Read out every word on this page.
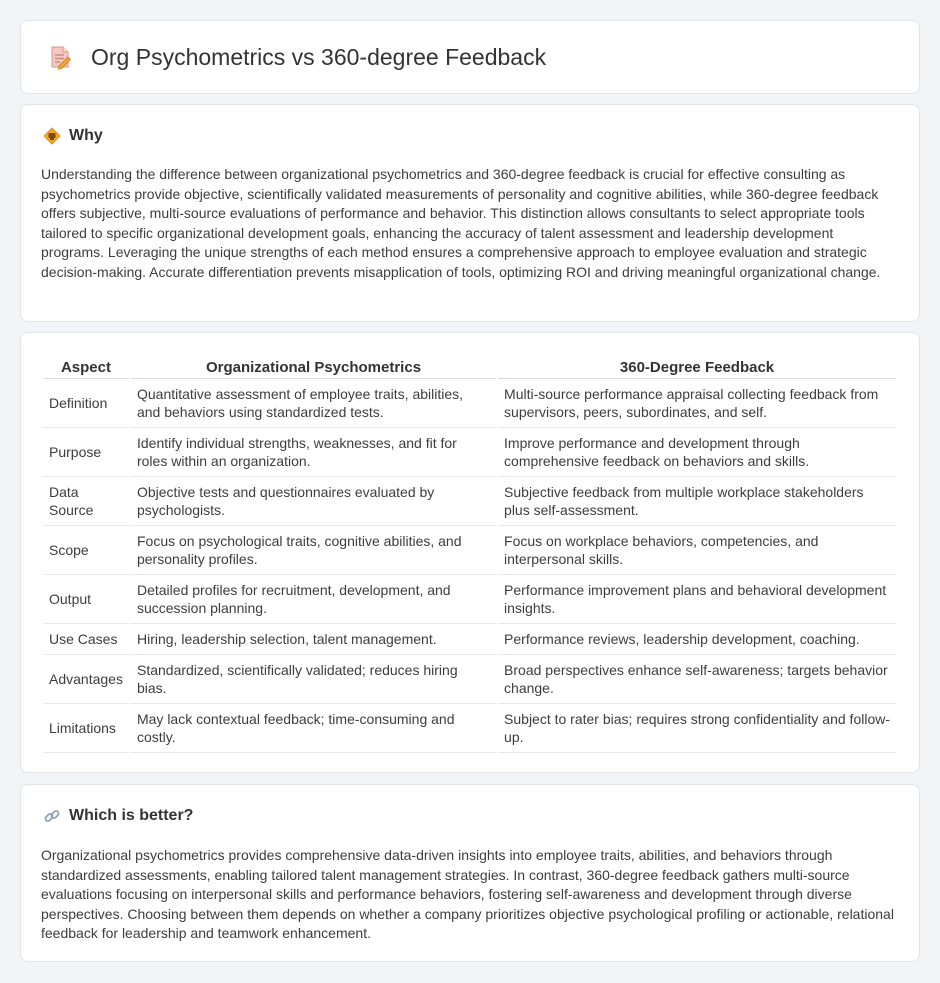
Org Psychometrics vs 360-degree Feedback
Why

Understanding the difference between organizational psychometrics and 360-degree feedback is crucial for effective consulting as psychometrics provide objective, scientifically validated measurements of personality and cognitive abilities, while 360-degree feedback offers subjective, multi-source evaluations of performance and behavior. This distinction allows consultants to select appropriate tools tailored to specific organizational development goals, enhancing the accuracy of talent assessment and leadership development programs. Leveraging the unique strengths of each method ensures a comprehensive approach to employee evaluation and strategic decision-making. Accurate differentiation prevents misapplication of tools, optimizing ROI and driving meaningful organizational change.

Aspect	Organizational Psychometrics	360-Degree Feedback
Definition	Quantitative assessment of employee traits, abilities, and behaviors using standardized tests.	Multi-source performance appraisal collecting feedback from supervisors, peers, subordinates, and self.
Purpose	Identify individual strengths, weaknesses, and fit for roles within an organization.	Improve performance and development through comprehensive feedback on behaviors and skills.
Data Source	Objective tests and questionnaires evaluated by psychologists.	Subjective feedback from multiple workplace stakeholders plus self-assessment.
Scope	Focus on psychological traits, cognitive abilities, and personality profiles.	Focus on workplace behaviors, competencies, and interpersonal skills.
Output	Detailed profiles for recruitment, development, and succession planning.	Performance improvement plans and behavioral development insights.
Use Cases	Hiring, leadership selection, talent management.	Performance reviews, leadership development, coaching.
Advantages	Standardized, scientifically validated; reduces hiring bias.	Broad perspectives enhance self-awareness; targets behavior change.
Limitations	May lack contextual feedback; time-consuming and costly.	Subject to rater bias; requires strong confidentiality and follow-up.
Which is better?

Organizational psychometrics provides comprehensive data-driven insights into employee traits, abilities, and behaviors through standardized assessments, enabling tailored talent management strategies. In contrast, 360-degree feedback gathers multi-source evaluations focusing on interpersonal skills and performance behaviors, fostering self-awareness and development through diverse perspectives. Choosing between them depends on whether a company prioritizes objective psychological profiling or actionable, relational feedback for leadership and teamwork enhancement.
